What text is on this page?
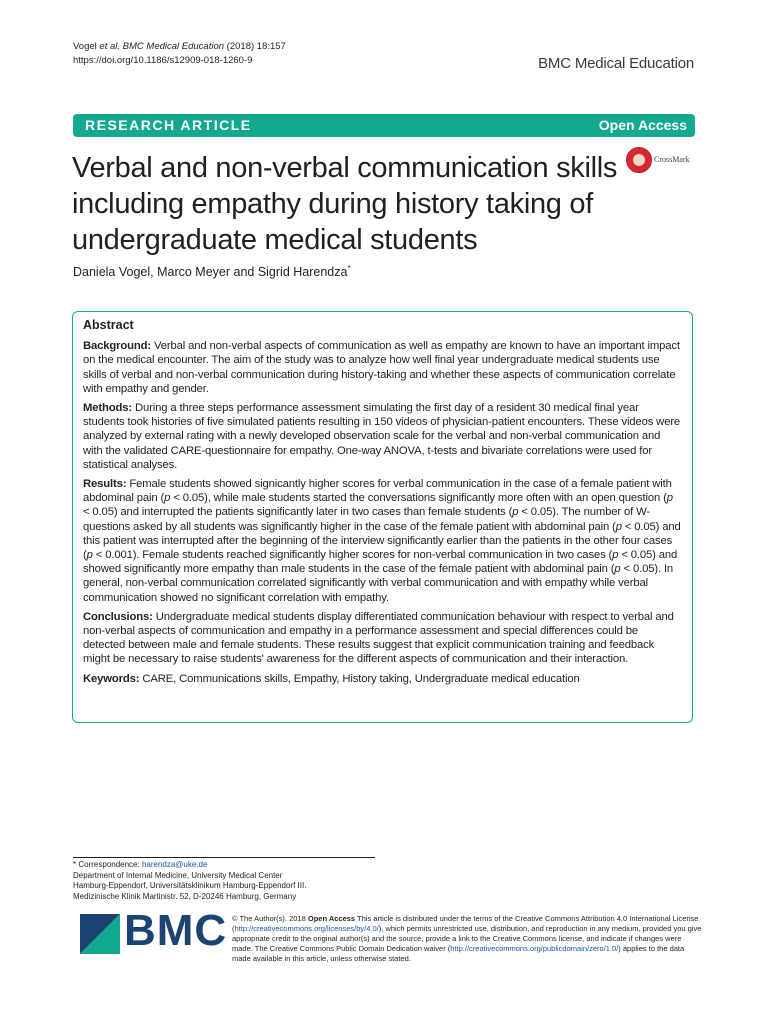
Vogel et al. BMC Medical Education (2018) 18:157
https://doi.org/10.1186/s12909-018-1260-9	BMC Medical Education
RESEARCH ARTICLE	Open Access
Verbal and non-verbal communication skills including empathy during history taking of undergraduate medical students
CrossMark
Daniela Vogel, Marco Meyer and Sigrid Harendza*
Abstract

Background: Verbal and non-verbal aspects of communication as well as empathy are known to have an important impact on the medical encounter. The aim of the study was to analyze how well final year undergraduate medical students use skills of verbal and non-verbal communication during history-taking and whether these aspects of communication correlate with empathy and gender.

Methods: During a three steps performance assessment simulating the first day of a resident 30 medical final year students took histories of five simulated patients resulting in 150 videos of physician-patient encounters. These videos were analyzed by external rating with a newly developed observation scale for the verbal and non-verbal communication and with the validated CARE-questionnaire for empathy. One-way ANOVA, t-tests and bivariate correlations were used for statistical analyses.

Results: Female students showed signicantly higher scores for verbal communication in the case of a female patient with abdominal pain (p < 0.05), while male students started the conversations significantly more often with an open question (p < 0.05) and interrupted the patients significantly later in two cases than female students (p < 0.05). The number of W-questions asked by all students was significantly higher in the case of the female patient with abdominal pain (p < 0.05) and this patient was interrupted after the beginning of the interview significantly earlier than the patients in the other four cases (p < 0.001). Female students reached significantly higher scores for non-verbal communication in two cases (p < 0.05) and showed significantly more empathy than male students in the case of the female patient with abdominal pain (p < 0.05). In general, non-verbal communication correlated significantly with verbal communication and with empathy while verbal communication showed no significant correlation with empathy.

Conclusions: Undergraduate medical students display differentiated communication behaviour with respect to verbal and non-verbal aspects of communication and empathy in a performance assessment and special differences could be detected between male and female students. These results suggest that explicit communication training and feedback might be necessary to raise students' awareness for the different aspects of communication and their interaction.

Keywords: CARE, Communications skills, Empathy, History taking, Undergraduate medical education

* Correspondence: harendza@uke.de
Department of Internal Medicine, University Medical Center
Hamburg-Eppendorf, Universitätsklinikum Hamburg-Eppendorf III.
Medizinische Klinik Martinistr. 52, D-20246 Hamburg, Germany
BMC © The Author(s). 2018 Open Access This article is distributed under the terms of the Creative Commons Attribution 4.0 International License (http://creativecommons.org/licenses/by/4.0/), which permits unrestricted use, distribution, and reproduction in any medium, provided you give appropriate credit to the original author(s) and the source, provide a link to the Creative Commons license, and indicate if changes were made. The Creative Commons Public Domain Dedication waiver (http://creativecommons.org/publicdomain/zero/1.0/) applies to the data made available in this article, unless otherwise stated.
